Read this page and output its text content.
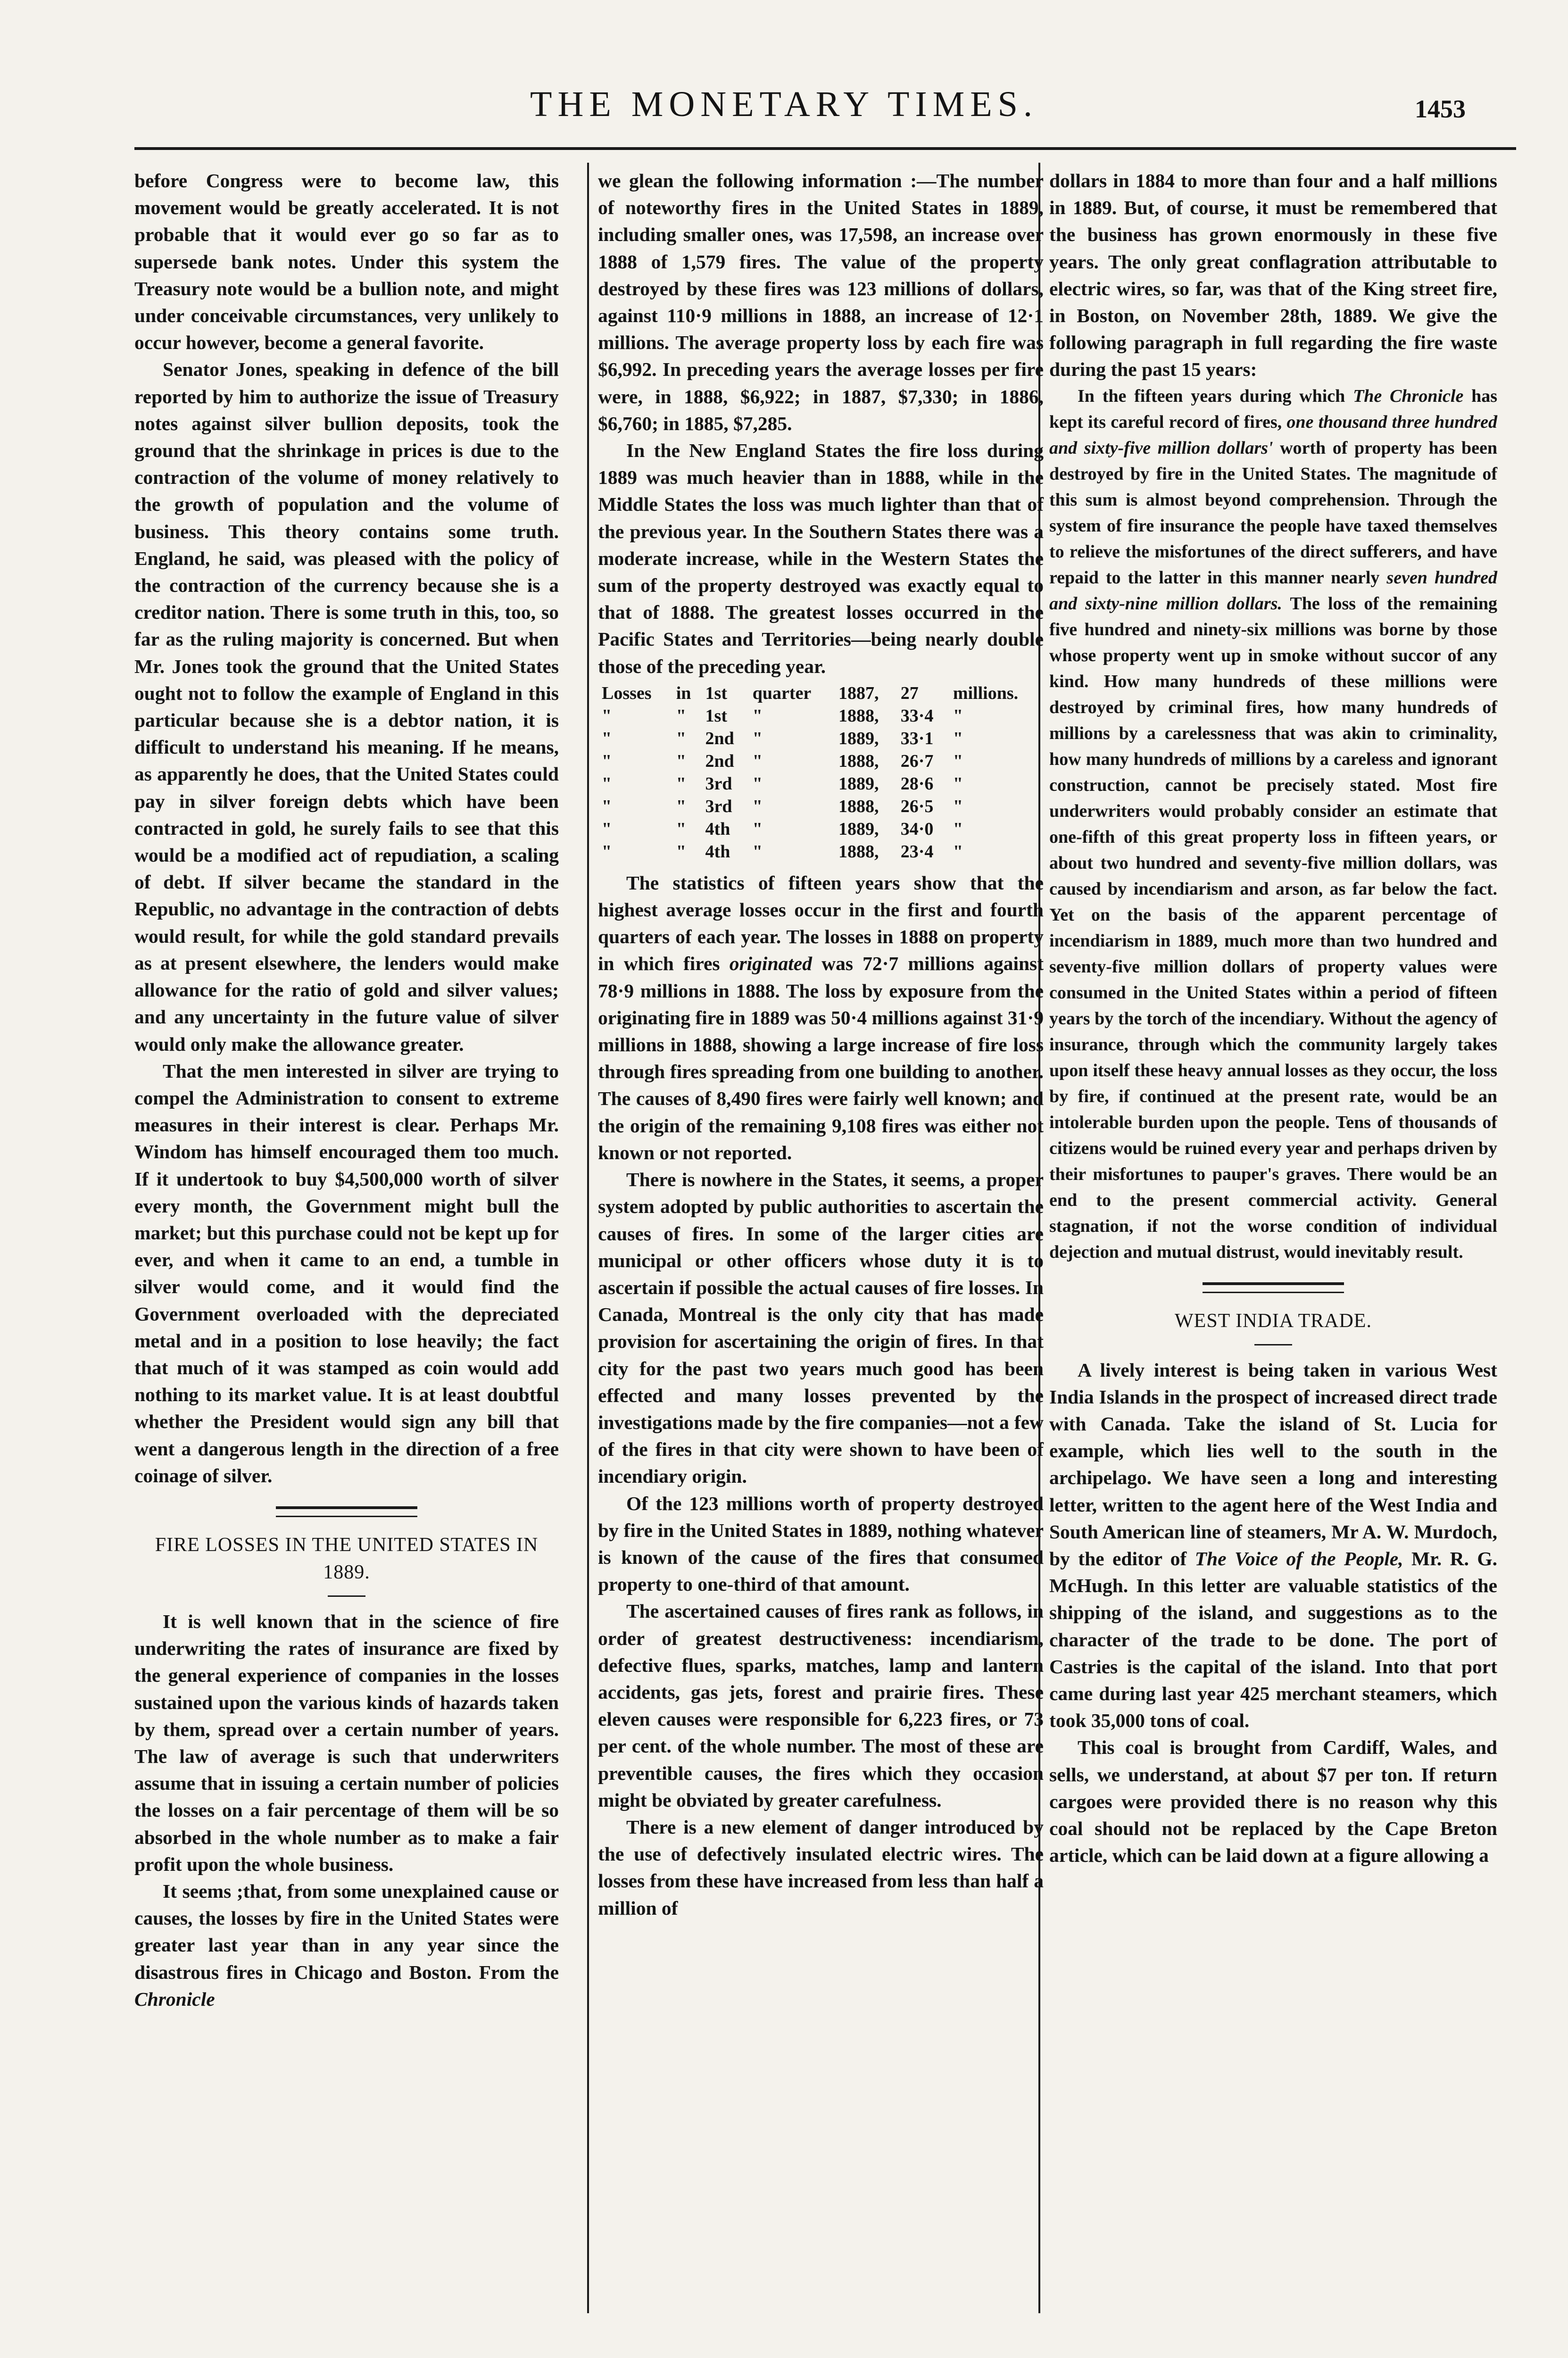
THE MONETARY TIMES.	1453

before Congress were to become law, this movement would be greatly accelerated. It is not probable that it would ever go so far as to supersede bank notes. Under this system the Treasury note would be a bullion note, and might under conceivable circumstances, very unlikely to occur however, become a general favorite.

Senator Jones, speaking in defence of the bill reported by him to authorize the issue of Treasury notes against silver bullion deposits, took the ground that the shrinkage in prices is due to the contraction of the volume of money relatively to the growth of population and the volume of business. This theory contains some truth. England, he said, was pleased with the policy of the contraction of the currency because she is a creditor nation. There is some truth in this, too, so far as the ruling majority is concerned. But when Mr. Jones took the ground that the United States ought not to follow the example of England in this particular because she is a debtor nation, it is difficult to understand his meaning. If he means, as apparently he does, that the United States could pay in silver foreign debts which have been contracted in gold, he surely fails to see that this would be a modified act of repudiation, a scaling of debt. If silver became the standard in the Republic, no advantage in the contraction of debts would result, for while the gold standard prevails as at present elsewhere, the lenders would make allowance for the ratio of gold and silver values; and any uncertainty in the future value of silver would only make the allowance greater.

That the men interested in silver are trying to compel the Administration to consent to extreme measures in their interest is clear. Perhaps Mr. Windom has himself encouraged them too much. If it undertook to buy $4,500,000 worth of silver every month, the Government might bull the market; but this purchase could not be kept up for ever, and when it came to an end, a tumble in silver would come, and it would find the Government overloaded with the depreciated metal and in a position to lose heavily; the fact that much of it was stamped as coin would add nothing to its market value. It is at least doubtful whether the President would sign any bill that went a dangerous length in the direction of a free coinage of silver.

FIRE LOSSES IN THE UNITED STATES IN 1889.

It is well known that in the science of fire underwriting the rates of insurance are fixed by the general experience of companies in the losses sustained upon the various kinds of hazards taken by them, spread over a certain number of years. The law of average is such that underwriters assume that in issuing a certain number of policies the losses on a fair percentage of them will be so absorbed in the whole number as to make a fair profit upon the whole business.

It seems ;that, from some unexplained cause or causes, the losses by fire in the United States were greater last year than in any year since the disastrous fires in Chicago and Boston. From the Chronicle

we glean the following information :—The number of noteworthy fires in the United States in 1889, including smaller ones, was 17,598, an increase over 1888 of 1,579 fires. The value of the property destroyed by these fires was 123 millions of dollars, against 110·9 millions in 1888, an increase of 12·1 millions. The average property loss by each fire was $6,992. In preceding years the average losses per fire were, in 1888, $6,922; in 1887, $7,330; in 1886, $6,760; in 1885, $7,285.

In the New England States the fire loss during 1889 was much heavier than in 1888, while in the Middle States the loss was much lighter than that of the previous year. In the Southern States there was a moderate increase, while in the Western States the sum of the property destroyed was exactly equal to that of 1888. The greatest losses occurred in the Pacific States and Territories—being nearly double those of the preceding year.

Losses	in	1st	quarter	1887,	27	millions.
"	"	1st	"	1888,	33·4	"
"	"	2nd	"	1889,	33·1	"
"	"	2nd	"	1888,	26·7	"
"	"	3rd	"	1889,	28·6	"
"	"	3rd	"	1888,	26·5	"
"	"	4th	"	1889,	34·0	"
"	"	4th	"	1888,	23·4	"

The statistics of fifteen years show that the highest average losses occur in the first and fourth quarters of each year. The losses in 1888 on property in which fires originated was 72·7 millions against 78·9 millions in 1888. The loss by exposure from the originating fire in 1889 was 50·4 millions against 31·9 millions in 1888, showing a large increase of fire loss through fires spreading from one building to another. The causes of 8,490 fires were fairly well known; and the origin of the remaining 9,108 fires was either not known or not reported.

There is nowhere in the States, it seems, a proper system adopted by public authorities to ascertain the causes of fires. In some of the larger cities are municipal or other officers whose duty it is to ascertain if possible the actual causes of fire losses. In Canada, Montreal is the only city that has made provision for ascertaining the origin of fires. In that city for the past two years much good has been effected and many losses prevented by the investigations made by the fire companies—not a few of the fires in that city were shown to have been of incendiary origin.

Of the 123 millions worth of property destroyed by fire in the United States in 1889, nothing whatever is known of the cause of the fires that consumed property to one-third of that amount.

The ascertained causes of fires rank as follows, in order of greatest destructiveness: incendiarism, defective flues, sparks, matches, lamp and lantern accidents, gas jets, forest and prairie fires. These eleven causes were responsible for 6,223 fires, or 73 per cent. of the whole number. The most of these are preventible causes, the fires which they occasion might be obviated by greater carefulness.

There is a new element of danger introduced by the use of defectively insulated electric wires. The losses from these have increased from less than half a million of

dollars in 1884 to more than four and a half millions in 1889. But, of course, it must be remembered that the business has grown enormously in these five years. The only great conflagration attributable to electric wires, so far, was that of the King street fire, in Boston, on November 28th, 1889. We give the following paragraph in full regarding the fire waste during the past 15 years:

In the fifteen years during which The Chronicle has kept its careful record of fires, one thousand three hundred and sixty-five million dollars' worth of property has been destroyed by fire in the United States. The magnitude of this sum is almost beyond comprehension. Through the system of fire insurance the people have taxed themselves to relieve the misfortunes of the direct sufferers, and have repaid to the latter in this manner nearly seven hundred and sixty-nine million dollars. The loss of the remaining five hundred and ninety-six millions was borne by those whose property went up in smoke without succor of any kind. How many hundreds of these millions were destroyed by criminal fires, how many hundreds of millions by a carelessness that was akin to criminality, how many hundreds of millions by a careless and ignorant construction, cannot be precisely stated. Most fire underwriters would probably consider an estimate that one-fifth of this great property loss in fifteen years, or about two hundred and seventy-five million dollars, was caused by incendiarism and arson, as far below the fact. Yet on the basis of the apparent percentage of incendiarism in 1889, much more than two hundred and seventy-five million dollars of property values were consumed in the United States within a period of fifteen years by the torch of the incendiary. Without the agency of insurance, through which the community largely takes upon itself these heavy annual losses as they occur, the loss by fire, if continued at the present rate, would be an intolerable burden upon the people. Tens of thousands of citizens would be ruined every year and perhaps driven by their misfortunes to pauper's graves. There would be an end to the present commercial activity. General stagnation, if not the worse condition of individual dejection and mutual distrust, would inevitably result.

WEST INDIA TRADE.

A lively interest is being taken in various West India Islands in the prospect of increased direct trade with Canada. Take the island of St. Lucia for example, which lies well to the south in the archipelago. We have seen a long and interesting letter, written to the agent here of the West India and South American line of steamers, Mr A. W. Murdoch, by the editor of The Voice of the People, Mr. R. G. McHugh. In this letter are valuable statistics of the shipping of the island, and suggestions as to the character of the trade to be done. The port of Castries is the capital of the island. Into that port came during last year 425 merchant steamers, which took 35,000 tons of coal.

This coal is brought from Cardiff, Wales, and sells, we understand, at about $7 per ton. If return cargoes were provided there is no reason why this coal should not be replaced by the Cape Breton article, which can be laid down at a figure allowing a
